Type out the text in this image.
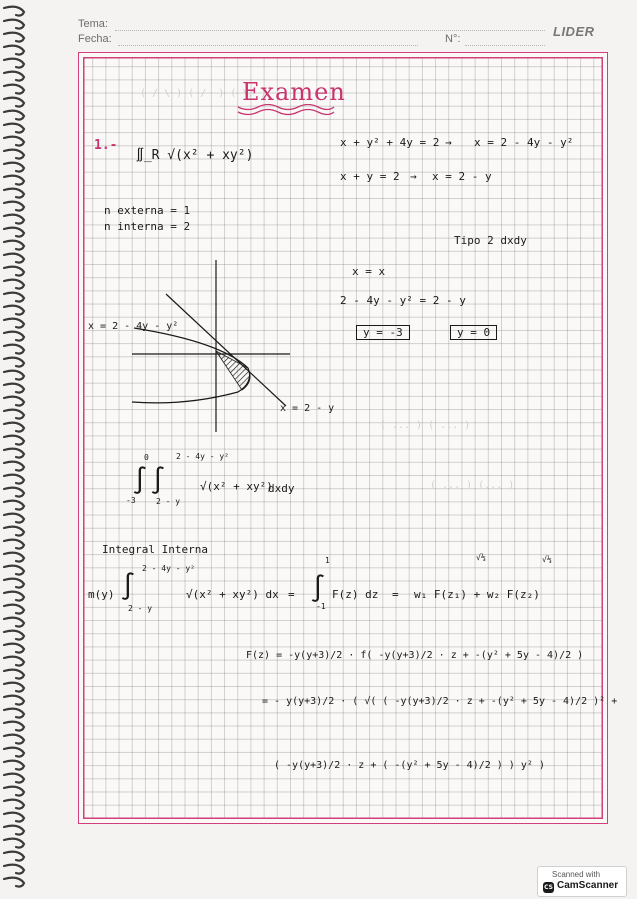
Tema:
Fecha:	N°:	LIDER
( / \ ) ( /- ) ( \/ )
( ... ) ( ... )
( ... ) (... )
Examen
1.-
∬_R √(x² + xy²)
x + y² + 4y = 2 → x = 2 - 4y - y²
x + y = 2 → x = 2 - y
n externa = 1
n interna = 2
Tipo 2 dxdy
x = 2 - 4y - y²
x = 2 - y
x = x
2 - 4y - y² = 2 - y
y = -3	y = 0
∫ ∫
0
-3
2 - 4y - y²
2 - y
√(x² + xy²)
dxdy
Integral Interna
m(y) ∫
2 - 4y - y²
2 - y
√(x² + xy²) dx = ∫
1
-1
F(z) dz = w₁ F(z₁) + w₂ F(z₂)
√⅓	√⅓
F(z) = -y(y+3)/2 · f( -y(y+3)/2 · z + -(y² + 5y - 4)/2 )
= - y(y+3)/2 · ( √( ( -y(y+3)/2 · z + -(y² + 5y - 4)/2 )² +
( -y(y+3)/2 · z + ( -(y² + 5y - 4)/2 ) ) y² )
Scanned with
CS CamScanner
